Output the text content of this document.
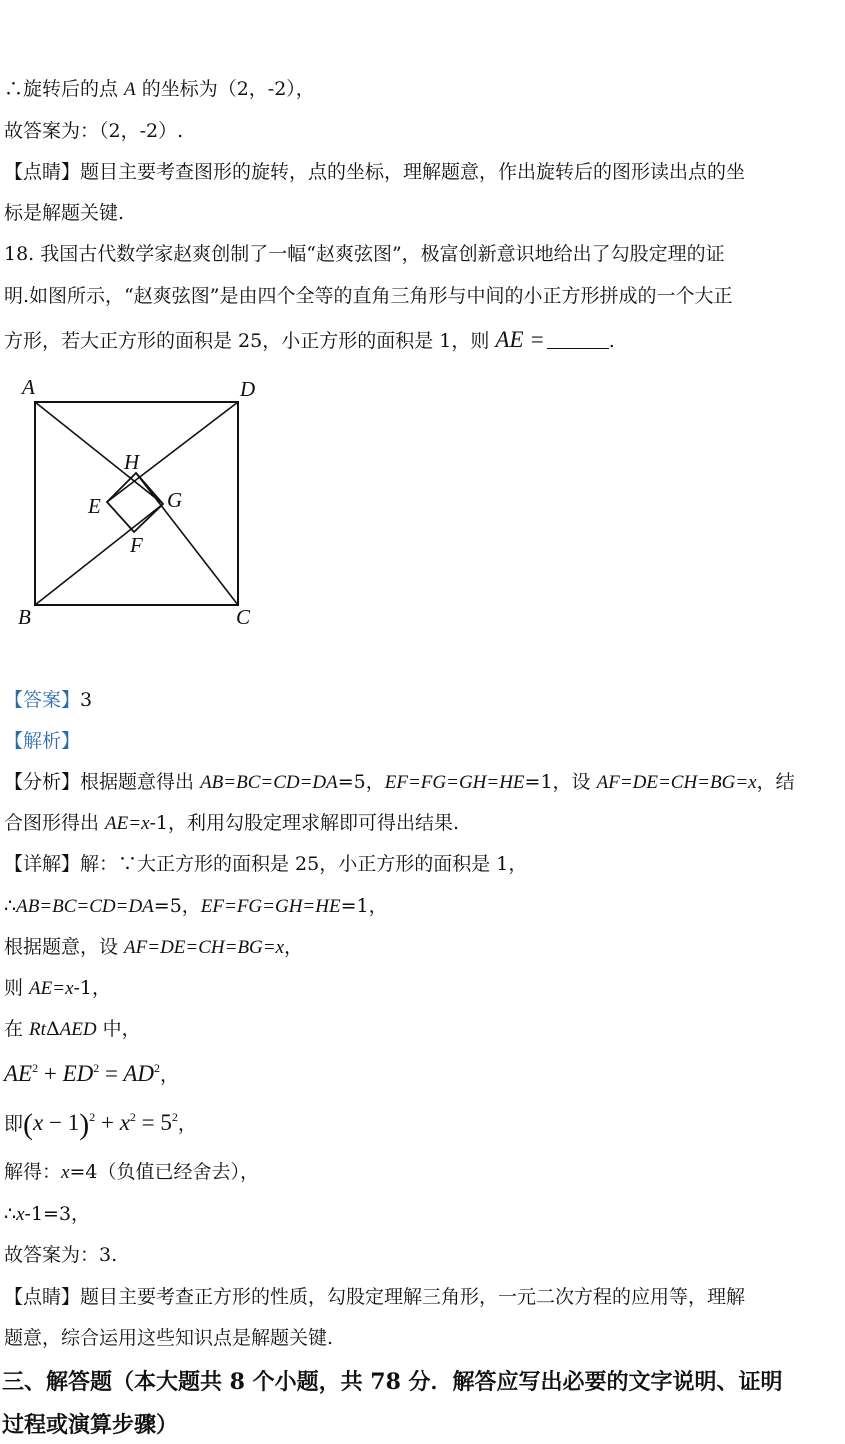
∴旋转后的点 A 的坐标为（2，-2），
故答案为：（2，-2）.
【点睛】题目主要考查图形的旋转，点的坐标，理解题意，作出旋转后的图形读出点的坐
标是解题关键.
18. 我国古代数学家赵爽创制了一幅“赵爽弦图”，极富创新意识地给出了勾股定理的证
明.如图所示，“赵爽弦图”是由四个全等的直角三角形与中间的小正方形拼成的一个大正
方形，若大正方形的面积是 25，小正方形的面积是 1，则 AE =	.
A	D
B	C
H
E	G
F
【答案】3
【解析】
【分析】根据题意得出 AB=BC=CD=DA=5，EF=FG=GH=HE=1，设 AF=DE=CH=BG=x，结
合图形得出 AE=x-1，利用勾股定理求解即可得出结果.
【详解】解：∵大正方形的面积是 25，小正方形的面积是 1，
∴AB=BC=CD=DA=5，EF=FG=GH=HE=1，
根据题意，设 AF=DE=CH=BG=x，
则 AE=x-1，
在 RtΔAED 中，
$AE^2 + ED^2 = AD^2$，
即$(x - 1)^2 + x^2 = 5^2$，
解得：x=4（负值已经舍去），
∴x-1=3，
故答案为：3.
【点睛】题目主要考查正方形的性质，勾股定理解三角形，一元二次方程的应用等，理解
题意，综合运用这些知识点是解题关键.
三、解答题（本大题共 8 个小题，共 78 分．解答应写出必要的文字说明、证明
过程或演算步骤）
